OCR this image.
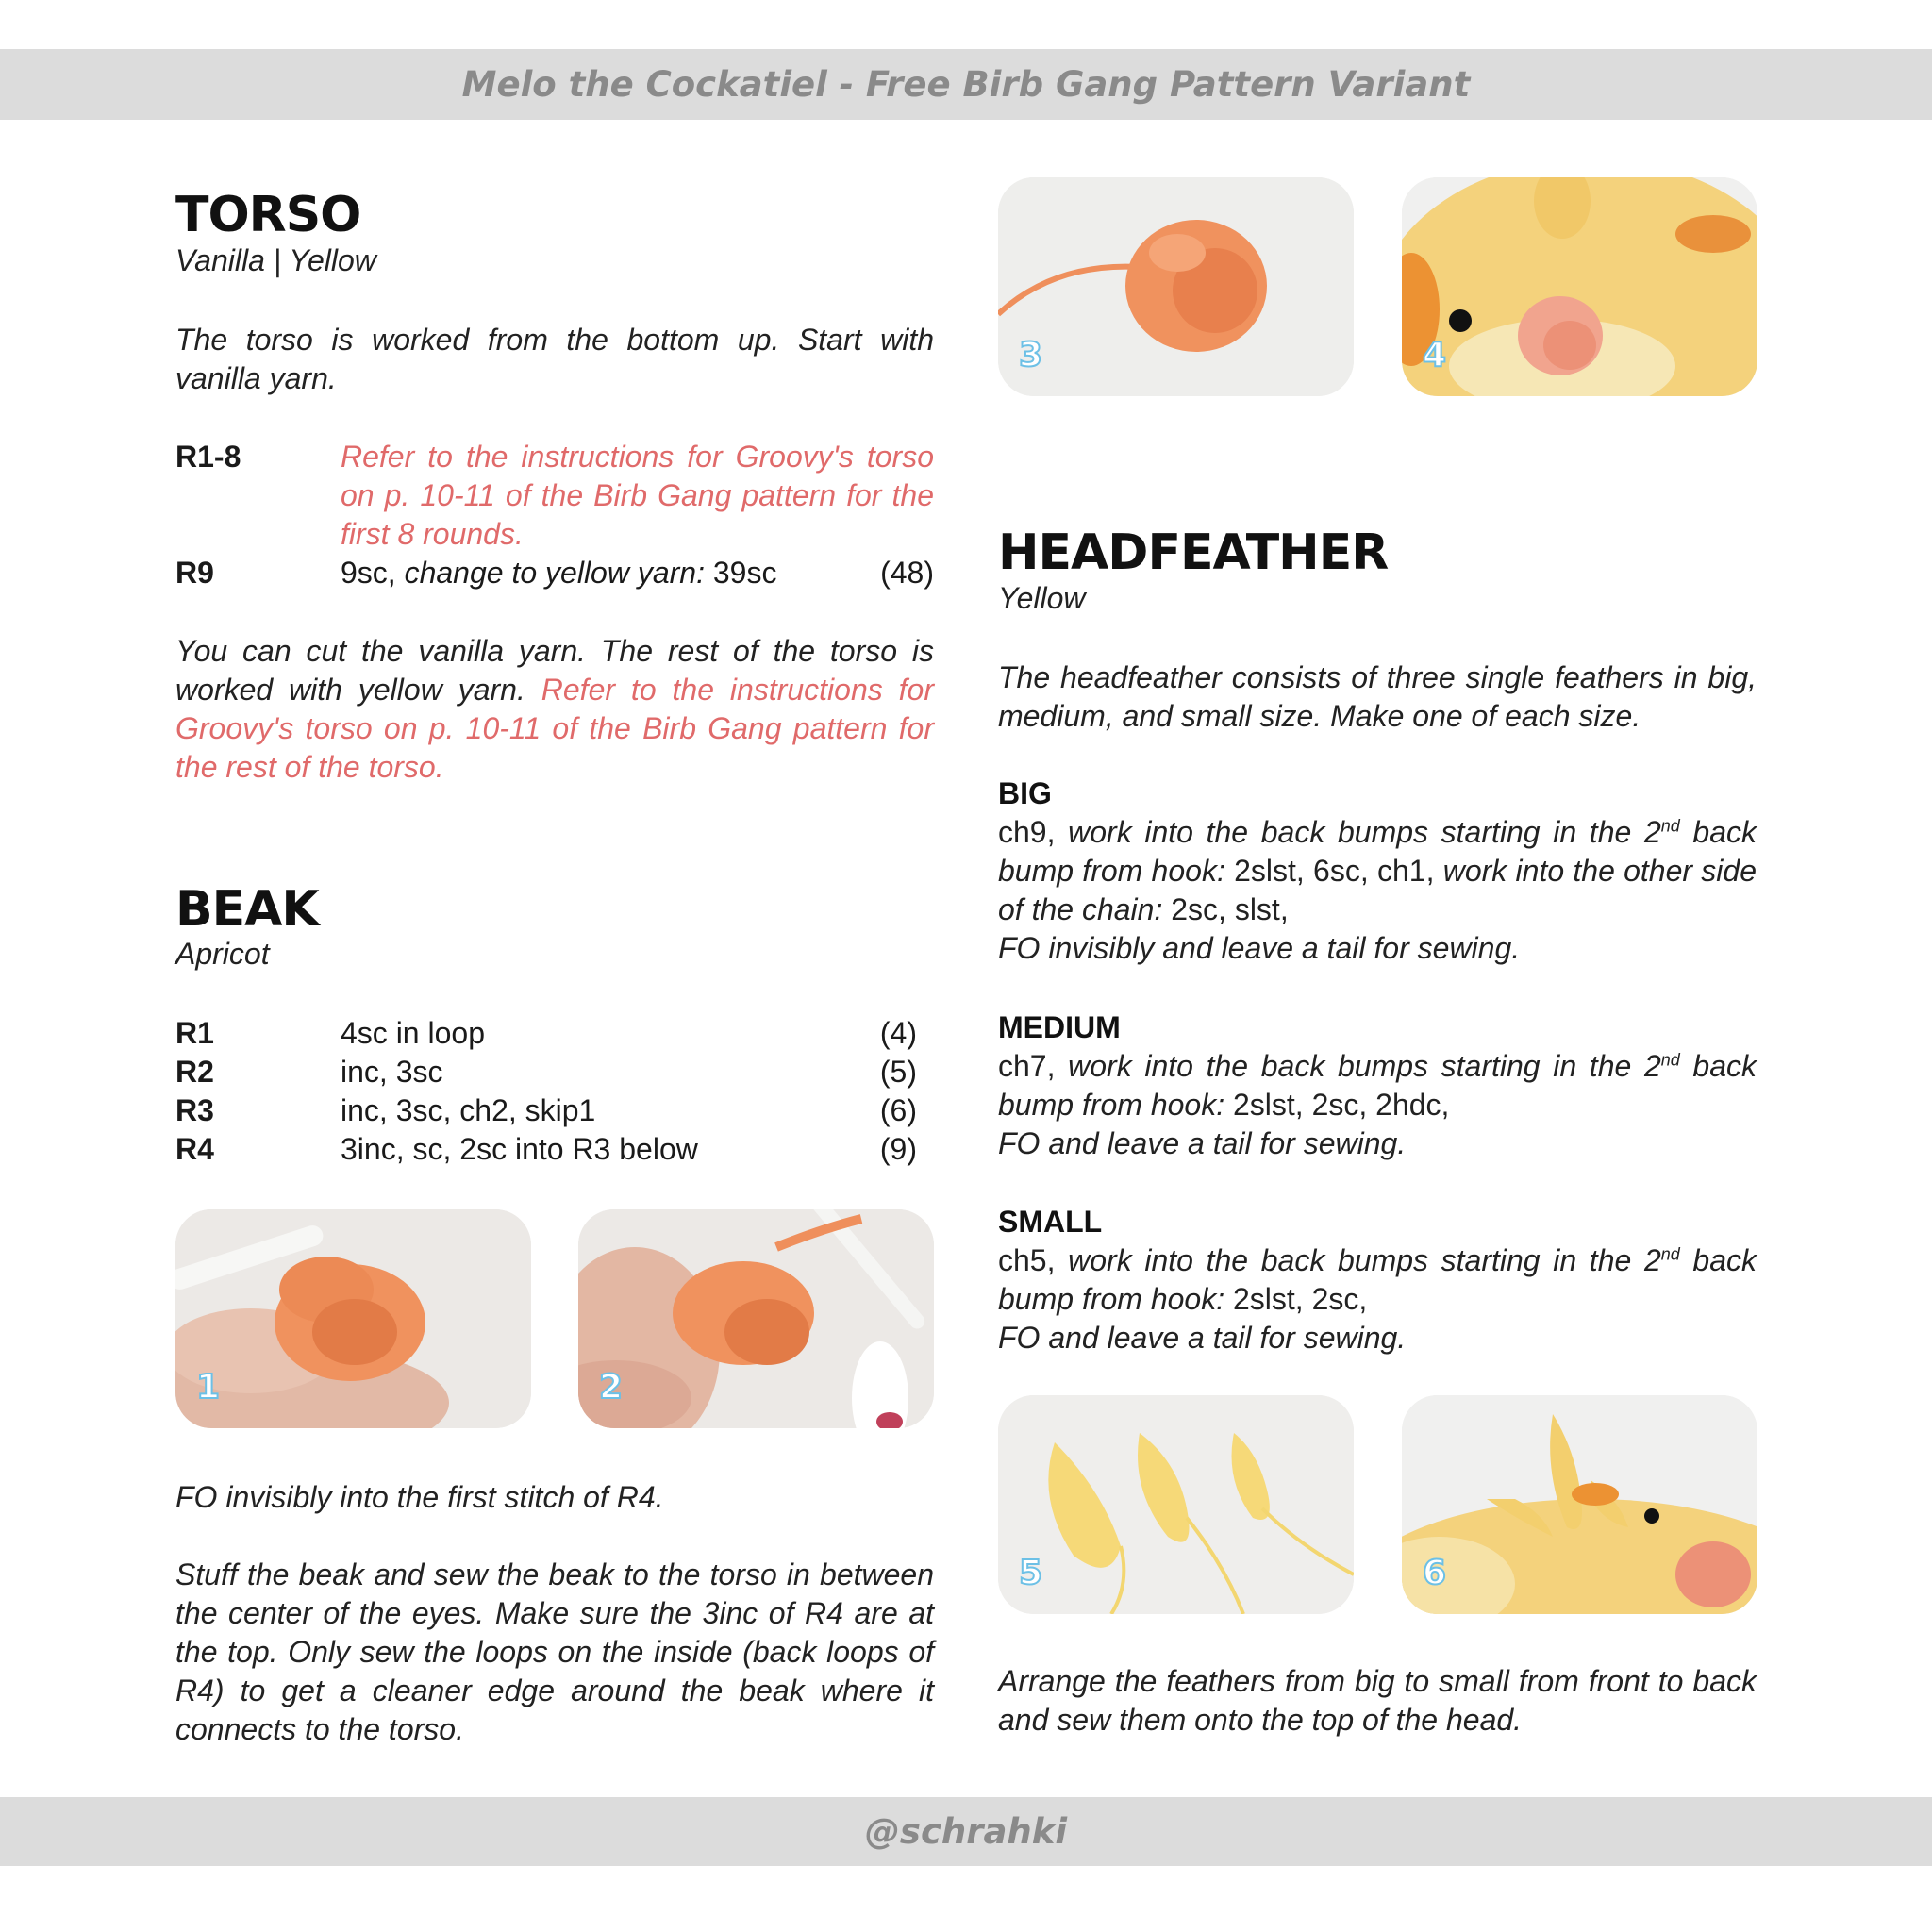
Melo the Cockatiel - Free Birb Gang Pattern Variant
TORSO
Vanilla | Yellow
The torso is worked from the bottom up. Start with vanilla yarn.
R1-8	Refer to the instructions for Groovy's torso on p. 10-11 of the Birb Gang pattern for the first 8 rounds.
R9	9sc, change to yellow yarn: 39sc	(48)
You can cut the vanilla yarn. The rest of the torso is worked with yellow yarn. Refer to the instructions for Groovy's torso on p. 10-11 of the Birb Gang pattern for the rest of the torso.
BEAK
Apricot
R1	4sc in loop	(4)
R2	inc, 3sc	(5)
R3	inc, 3sc, ch2, skip1	(6)
R4	3inc, sc, 2sc into R3 below	(9)
1	2
FO invisibly into the first stitch of R4.
Stuff the beak and sew the beak to the torso in between the center of the eyes. Make sure the 3inc of R4 are at the top. Only sew the loops on the inside (back loops of R4) to get a cleaner edge around the beak where it connects to the torso.
3	4
HEADFEATHER
Yellow
The headfeather consists of three single feathers in big, medium, and small size. Make one of each size.
BIG
ch9, work into the back bumps starting in the 2nd back bump from hook: 2slst, 6sc, ch1, work into the other side of the chain: 2sc, slst,
FO invisibly and leave a tail for sewing.
MEDIUM
ch7, work into the back bumps starting in the 2nd back bump from hook: 2slst, 2sc, 2hdc,
FO and leave a tail for sewing.
SMALL
ch5, work into the back bumps starting in the 2nd back bump from hook: 2slst, 2sc,
FO and leave a tail for sewing.
5	6
Arrange the feathers from big to small from front to back and sew them onto the top of the head.
@schrahki
